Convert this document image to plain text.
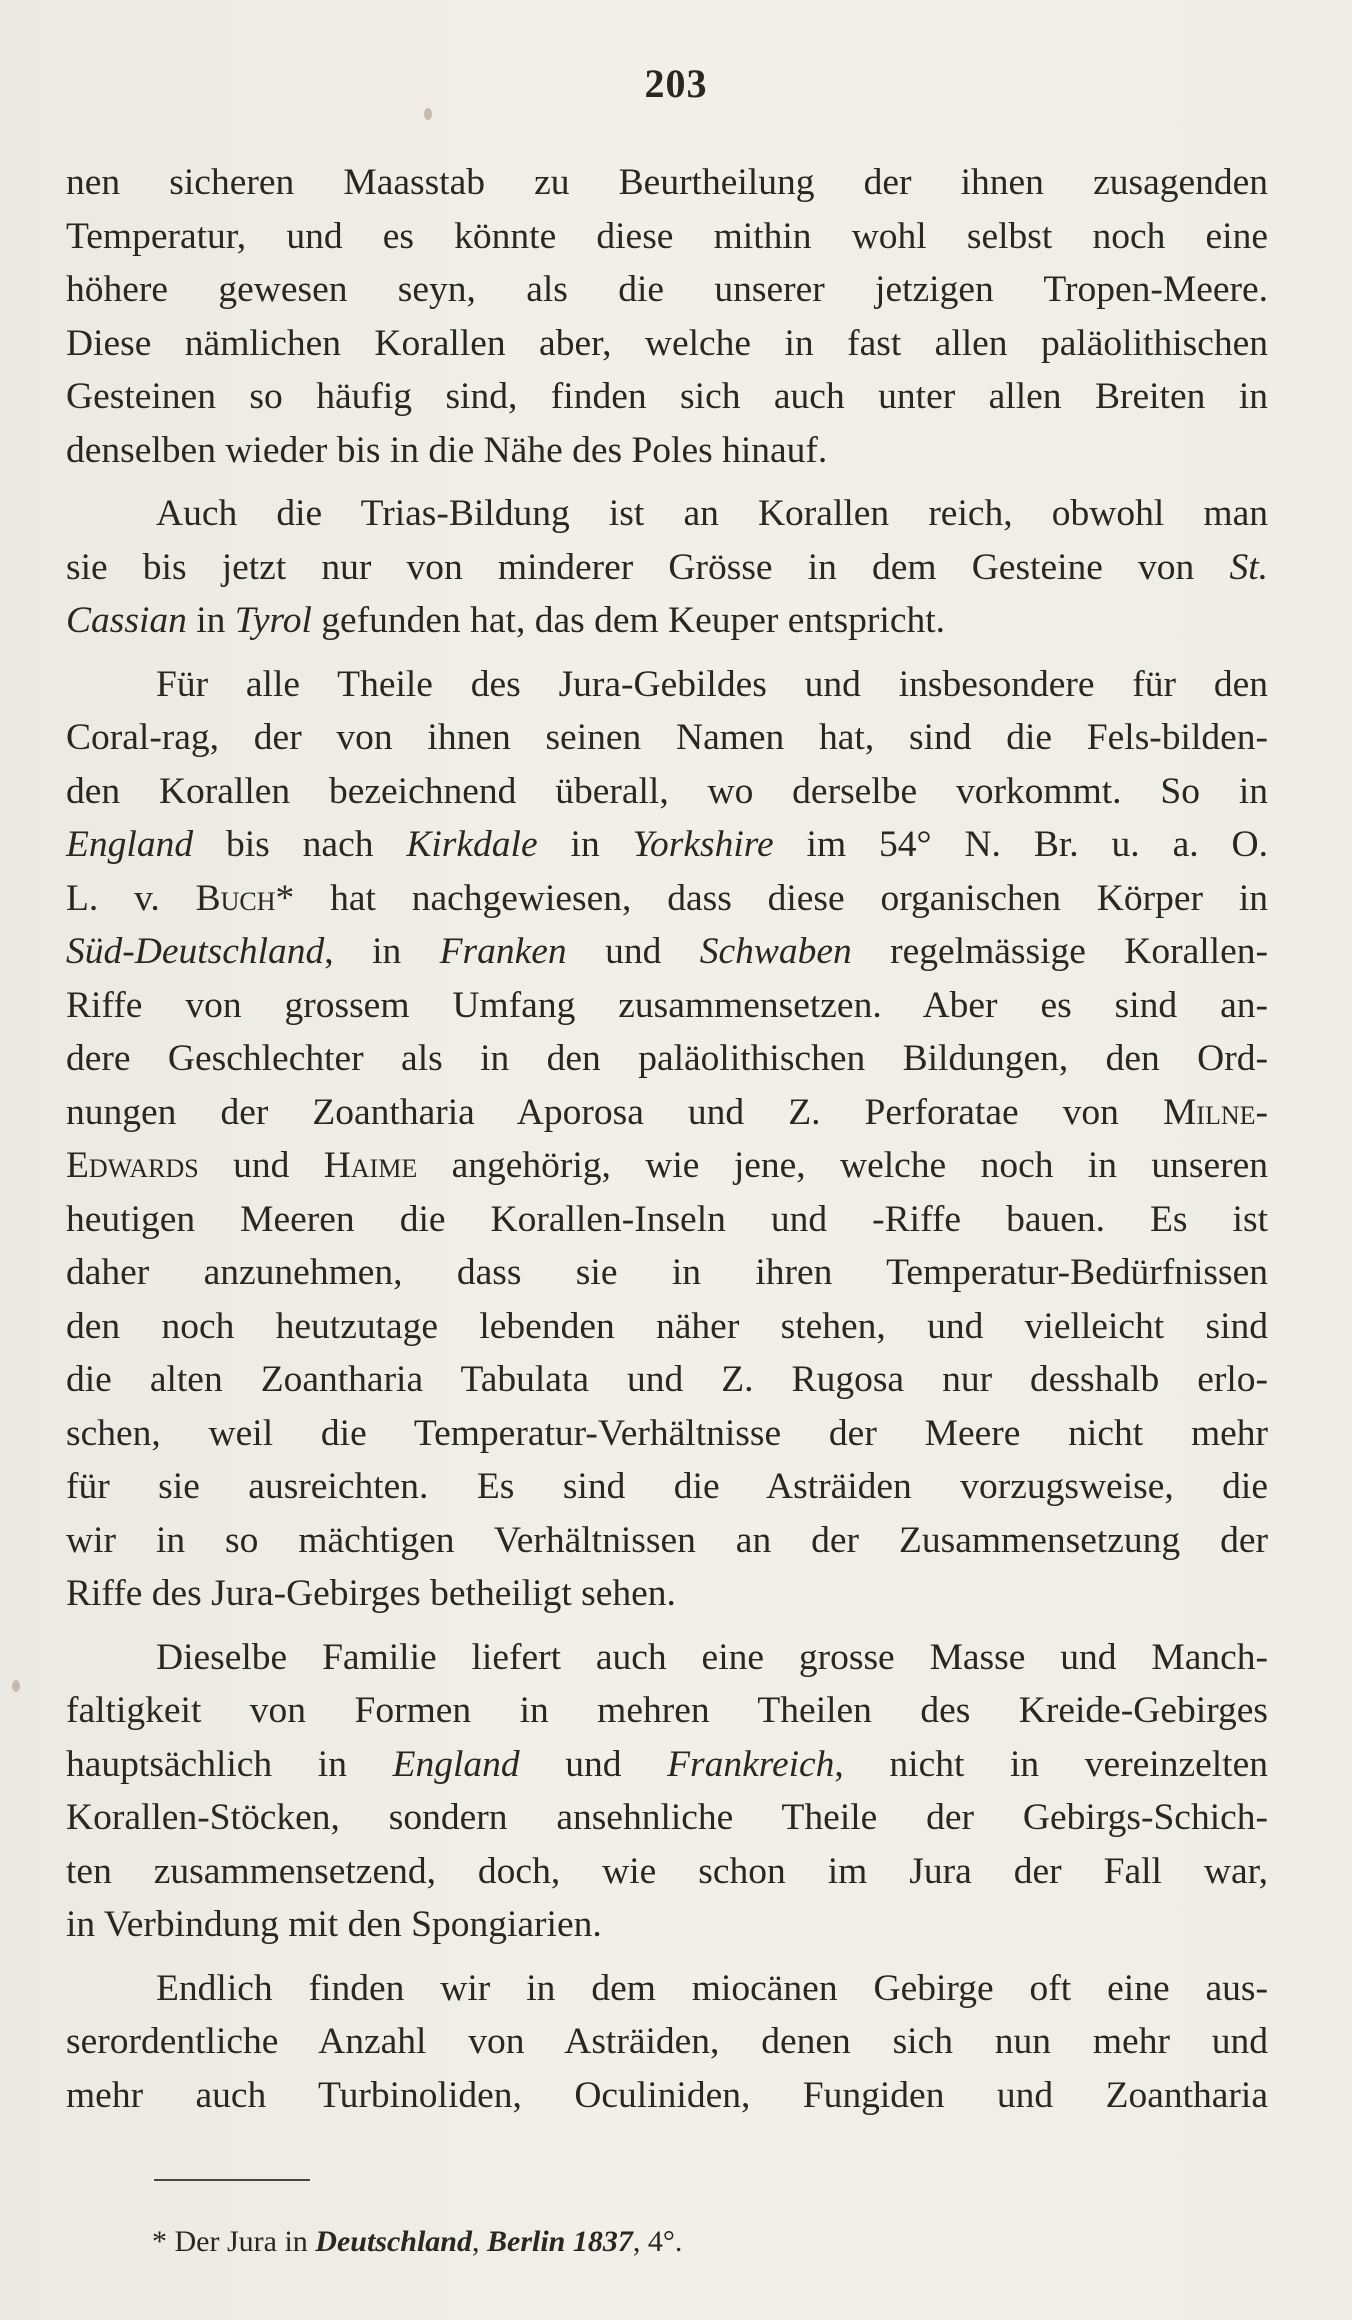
203
nen sicheren Maasstab zu Beurtheilung der ihnen zusagenden
Temperatur, und es könnte diese mithin wohl selbst noch eine
höhere gewesen seyn, als die unserer jetzigen Tropen-Meere.
Diese nämlichen Korallen aber, welche in fast allen paläolithischen
Gesteinen so häufig sind, finden sich auch unter allen Breiten in
denselben wieder bis in die Nähe des Poles hinauf.
Auch die Trias-Bildung ist an Korallen reich, obwohl man
sie bis jetzt nur von minderer Grösse in dem Gesteine von St.
Cassian in Tyrol gefunden hat, das dem Keuper entspricht.
Für alle Theile des Jura-Gebildes und insbesondere für den
Coral-rag, der von ihnen seinen Namen hat, sind die Fels-bilden-
den Korallen bezeichnend überall, wo derselbe vorkommt. So in
England bis nach Kirkdale in Yorkshire im 54° N. Br. u. a. O.
L. v. Buch* hat nachgewiesen, dass diese organischen Körper in
Süd-Deutschland, in Franken und Schwaben regelmässige Korallen-
Riffe von grossem Umfang zusammensetzen. Aber es sind an-
dere Geschlechter als in den paläolithischen Bildungen, den Ord-
nungen der Zoantharia Aporosa und Z. Perforatae von Milne-
Edwards und Haime angehörig, wie jene, welche noch in unseren
heutigen Meeren die Korallen-Inseln und -Riffe bauen. Es ist
daher anzunehmen, dass sie in ihren Temperatur-Bedürfnissen
den noch heutzutage lebenden näher stehen, und vielleicht sind
die alten Zoantharia Tabulata und Z. Rugosa nur desshalb erlo-
schen, weil die Temperatur-Verhältnisse der Meere nicht mehr
für sie ausreichten. Es sind die Asträiden vorzugsweise, die
wir in so mächtigen Verhältnissen an der Zusammensetzung der
Riffe des Jura-Gebirges betheiligt sehen.
Dieselbe Familie liefert auch eine grosse Masse und Manch-
faltigkeit von Formen in mehren Theilen des Kreide-Gebirges
hauptsächlich in England und Frankreich, nicht in vereinzelten
Korallen-Stöcken, sondern ansehnliche Theile der Gebirgs-Schich-
ten zusammensetzend, doch, wie schon im Jura der Fall war,
in Verbindung mit den Spongiarien.
Endlich finden wir in dem miocänen Gebirge oft eine aus-
serordentliche Anzahl von Asträiden, denen sich nun mehr und
mehr auch Turbinoliden, Oculiniden, Fungiden und Zoantharia
* Der Jura in Deutschland, Berlin 1837, 4°.
